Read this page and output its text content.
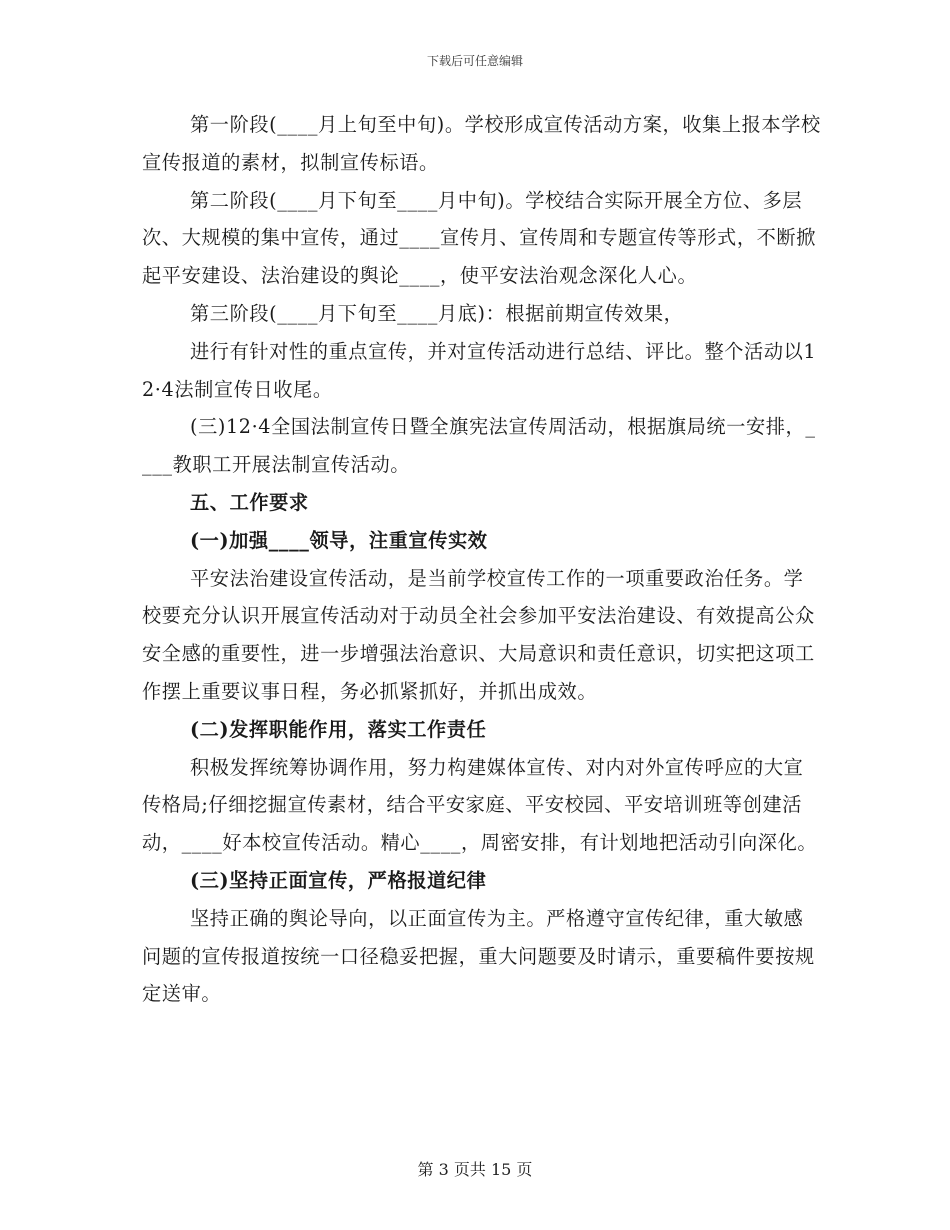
下载后可任意编辑

第一阶段(____月上旬至中旬)。学校形成宣传活动方案，收集上报本学校宣传报道的素材，拟制宣传标语。

第二阶段(____月下旬至____月中旬)。学校结合实际开展全方位、多层次、大规模的集中宣传，通过____宣传月、宣传周和专题宣传等形式，不断掀起平安建设、法治建设的舆论____，使平安法治观念深化人心。

第三阶段(____月下旬至____月底)：根据前期宣传效果，

进行有针对性的重点宣传，并对宣传活动进行总结、评比。整个活动以12·4法制宣传日收尾。

(三)12·4全国法制宣传日暨全旗宪法宣传周活动，根据旗局统一安排，____教职工开展法制宣传活动。

五、工作要求

(一)加强____领导，注重宣传实效

平安法治建设宣传活动，是当前学校宣传工作的一项重要政治任务。学校要充分认识开展宣传活动对于动员全社会参加平安法治建设、有效提高公众安全感的重要性，进一步增强法治意识、大局意识和责任意识，切实把这项工作摆上重要议事日程，务必抓紧抓好，并抓出成效。

(二)发挥职能作用，落实工作责任

积极发挥统筹协调作用，努力构建媒体宣传、对内对外宣传呼应的大宣传格局;仔细挖掘宣传素材，结合平安家庭、平安校园、平安培训班等创建活动，____好本校宣传活动。精心____，周密安排，有计划地把活动引向深化。

(三)坚持正面宣传，严格报道纪律

坚持正确的舆论导向，以正面宣传为主。严格遵守宣传纪律，重大敏感问题的宣传报道按统一口径稳妥把握，重大问题要及时请示，重要稿件要按规定送审。

第 3 页共 15 页
